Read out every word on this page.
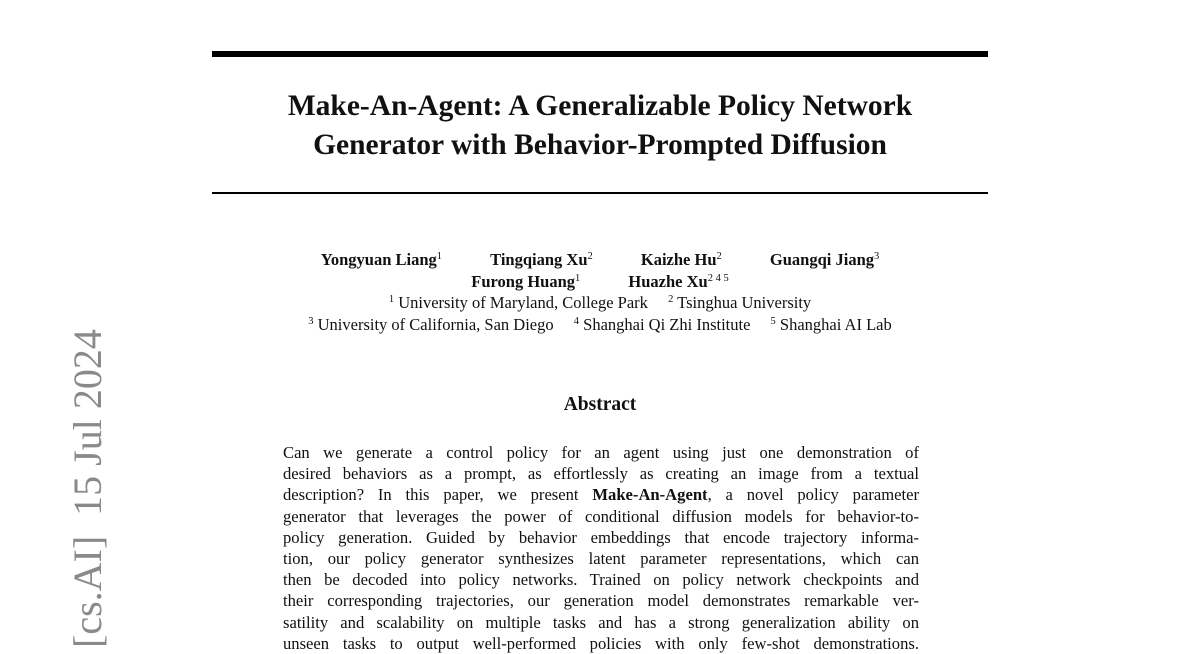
[cs.AI]15 Jul 2024
Make-An-Agent: A Generalizable Policy Network
Generator with Behavior-Prompted Diffusion
Yongyuan Liang$^1$	Tingqiang Xu$^2$	Kaizhe Hu$^2$	Guangqi Jiang$^3$
Furong Huang$^1$	Huazhe $Xu^{2 4 5}$
$^1$ University of Maryland, College Park $^2$ Tsinghua University
$^3$ University of California, San Diego $^4$ Shanghai Qi Zhi Institute $^5$ Shanghai AI Lab
Abstract
Can we generate a control policy for an agent using just one demonstration of
desired behaviors as a prompt, as effortlessly as creating an image from a textual
description? In this paper, we present Make-An-Agent, a novel policy parameter
generator that leverages the power of conditional diffusion models for behavior-to-
policy generation. Guided by behavior embeddings that encode trajectory informa-
tion, our policy generator synthesizes latent parameter representations, which can
then be decoded into policy networks. Trained on policy network checkpoints and
their corresponding trajectories, our generation model demonstrates remarkable ver-
satility and scalability on multiple tasks and has a strong generalization ability on
unseen tasks to output well-performed policies with only few-shot demonstrations.
